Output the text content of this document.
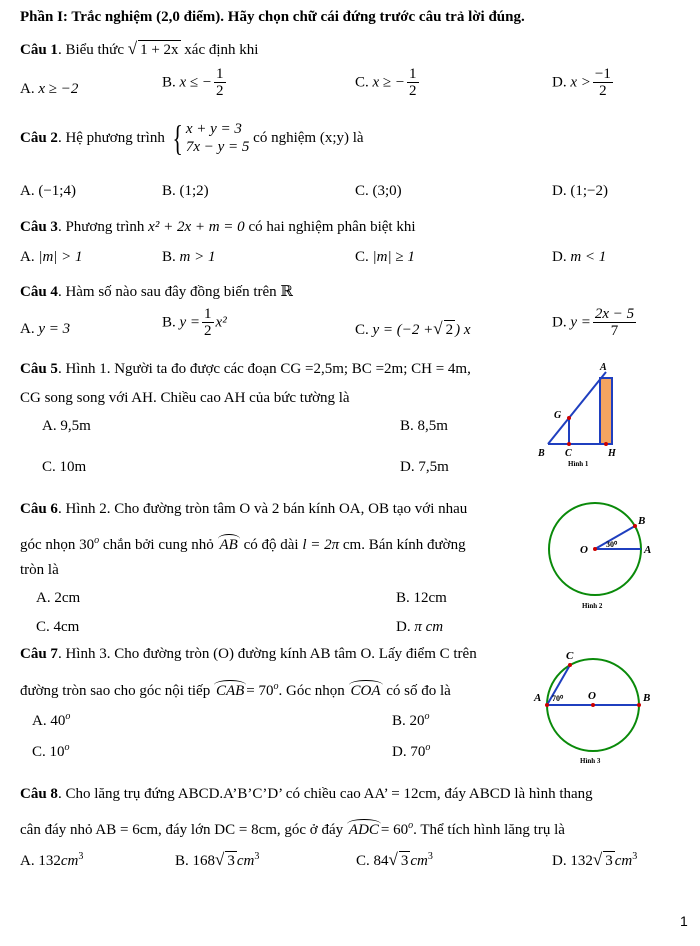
Phần I: Trắc nghiệm (2,0 điểm). Hãy chọn chữ cái đứng trước câu trả lời đúng.
Câu 1. Biểu thức √ 1 + 2x xác định khi
A. x ≥ −2	B. x ≤ − $\frac{1}{2}$	C. x ≥ − $\frac{1}{2}$	D. $x > \frac{-1}{2}$
Câu 2. Hệ phương trình { x + y = 3
7x − y = 5
có nghiệm (x;y) là
A. (−1;4)	B. (1;2)	C. (3;0)	D. (1;−2)
Câu 3. Phương trình x² + 2x + m = 0 có hai nghiệm phân biệt khi
A. |m| > 1	B. m > 1	C. |m| ≥ 1	D. m < 1
Câu 4. Hàm số nào sau đây đồng biến trên ℝ
A. y = 3	B. $y = \frac{1}{2} x^2$	C. y = (−2 +√ 2 ) x	D. $y = \frac{2x - 5}{7}$
Câu 5. Hình 1. Người ta đo được các đoạn CG =2,5m; BC =2m; CH = 4m,
CG song song với AH. Chiều cao AH của bức tường là
A. 9,5m	B. 8,5m
C. 10m	D. 7,5m
A
G
B C	H
Hình 1
Câu 6. Hình 2. Cho đường tròn tâm O và 2 bán kính OA, OB tạo với nhau
góc nhọn 30$^o$ chắn bởi cung nhỏ AB có độ dài l = 2π cm. Bán kính đường
tròn là
A. 2cm	B. 12cm
C. 4cm	D. π cm
O	A
B
30⁰
Hình 2
Câu 7. Hình 3. Cho đường tròn (O) đường kính AB tâm O. Lấy điểm C trên
đường tròn sao cho góc nội tiếp CAB = $70^o$. Góc nhọn COA có số đo là
A. 40$^o$	B. 20$^o$
C. 10$^o$	D. 70$^o$
C
A	O	B
70⁰
Hình 3
Câu 8. Cho lăng trụ đứng ABCD.A’B’C’D’ có chiều cao AA’ = 12cm, đáy ABCD là hình thang
cân đáy nhỏ AB = 6cm, đáy lớn DC = 8cm, góc ở đáy ADC = $60^o$. Thể tích hình lăng trụ là
A. $132cm^3$	B. 168√ 3 $cm^3$	C. 84√ 3 $cm^3$	D. 132√ 3 $cm^3$
1
